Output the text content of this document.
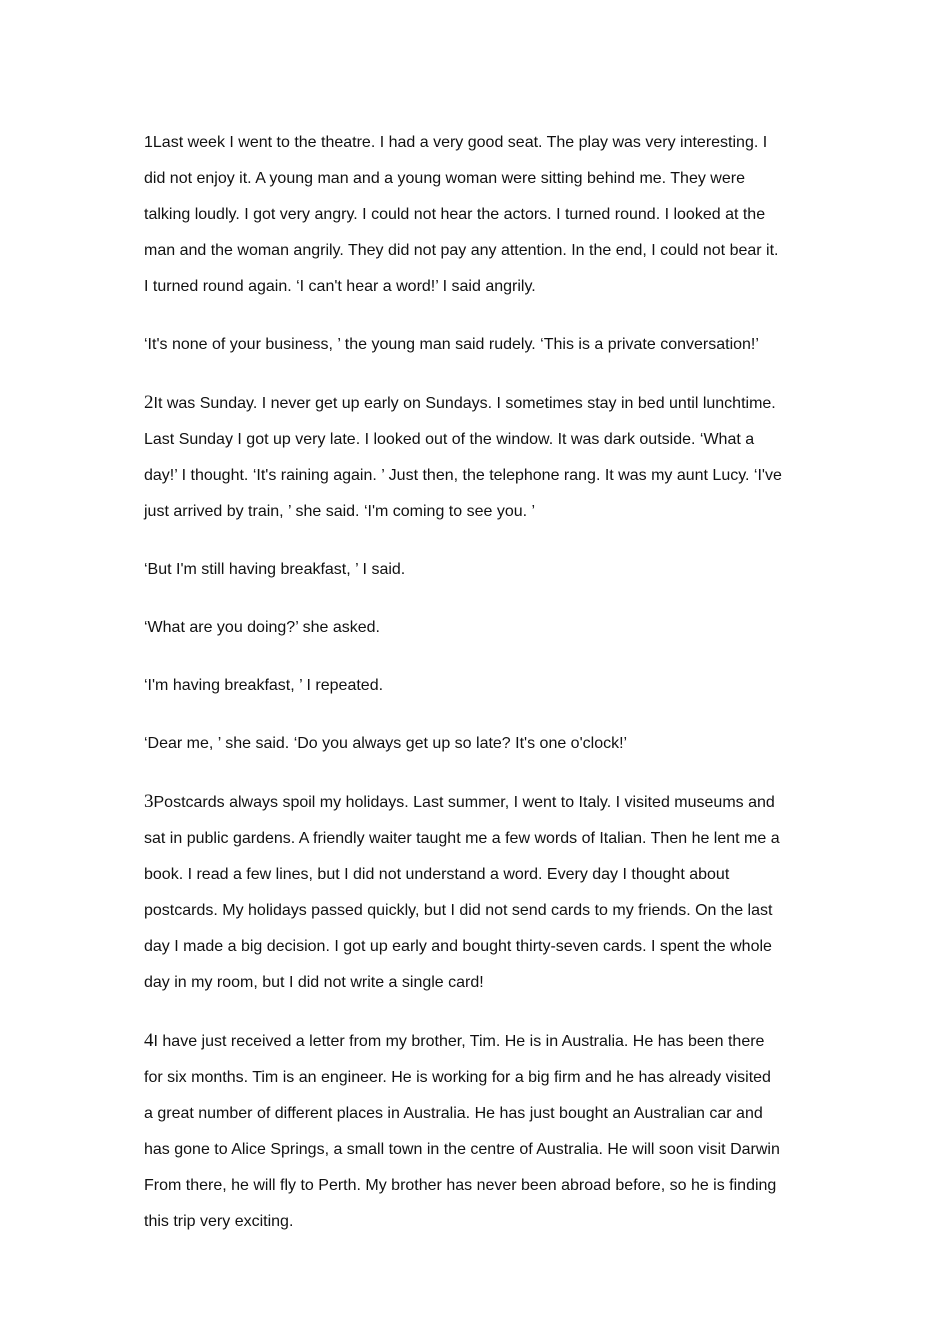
1Last week I went to the theatre. I had a very good seat. The play was very interesting. I
did not enjoy it. A young man and a young woman were sitting behind me. They were
talking loudly. I got very angry. I could not hear the actors. I turned round. I looked at the
man and the woman angrily. They did not pay any attention. In the end, I could not bear it.
I turned round again. ‘I can't hear a word!’ I said angrily.
‘It's none of your business, ’ the young man said rudely. ‘This is a private conversation!’
2It was Sunday. I never get up early on Sundays. I sometimes stay in bed until lunchtime.
Last Sunday I got up very late. I looked out of the window. It was dark outside. ‘What a
day!’ I thought. ‘It's raining again. ’ Just then, the telephone rang. It was my aunt Lucy. ‘I've
just arrived by train, ’ she said. ‘I'm coming to see you. ’
‘But I'm still having breakfast, ’ I said.
‘What are you doing?’ she asked.
‘I'm having breakfast, ’ I repeated.
‘Dear me, ’ she said. ‘Do you always get up so late? It's one o'clock!’
3Postcards always spoil my holidays. Last summer, I went to Italy. I visited museums and
sat in public gardens. A friendly waiter taught me a few words of Italian. Then he lent me a
book. I read a few lines, but I did not understand a word. Every day I thought about
postcards. My holidays passed quickly, but I did not send cards to my friends. On the last
day I made a big decision. I got up early and bought thirty-seven cards. I spent the whole
day in my room, but I did not write a single card!
4I have just received a letter from my brother, Tim. He is in Australia. He has been there
for six months. Tim is an engineer. He is working for a big firm and he has already visited
a great number of different places in Australia. He has just bought an Australian car and
has gone to Alice Springs, a small town in the centre of Australia. He will soon visit Darwin
From there, he will fly to Perth. My brother has never been abroad before, so he is finding
this trip very exciting.
